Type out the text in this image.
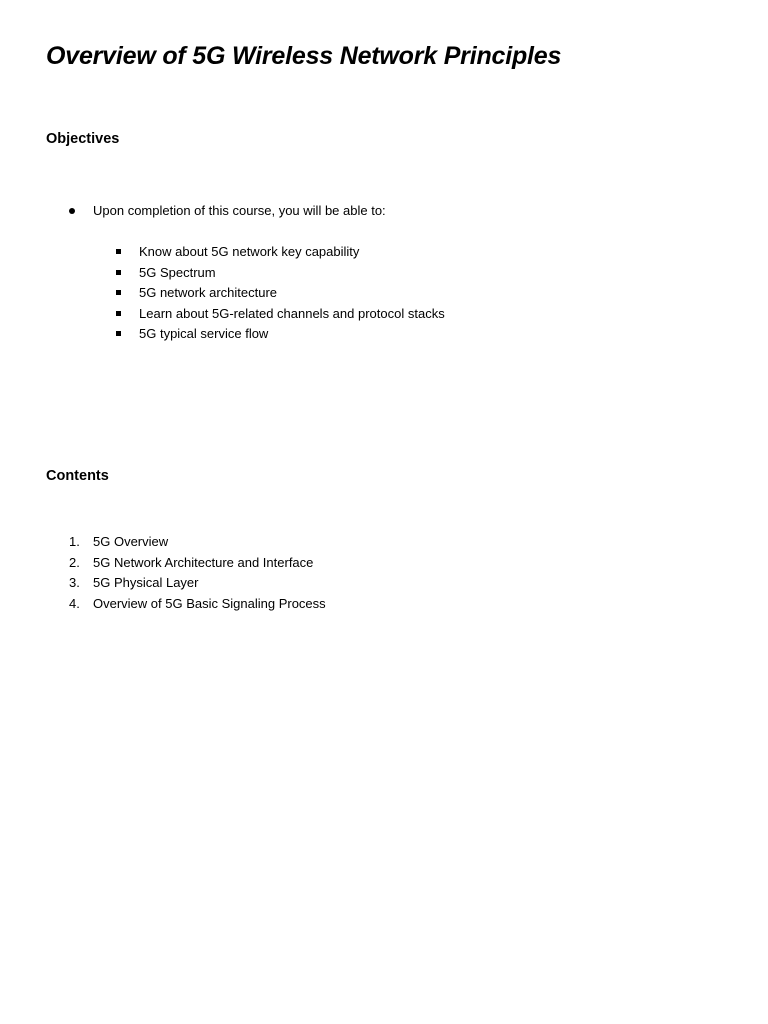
Overview of 5G Wireless Network Principles
Objectives
Upon completion of this course, you will be able to:
Know about 5G network key capability
5G Spectrum
5G network architecture
Learn about 5G-related channels and protocol stacks
5G typical service flow
Contents
1. 5G Overview
2. 5G Network Architecture and Interface
3. 5G Physical Layer
4. Overview of 5G Basic Signaling Process
